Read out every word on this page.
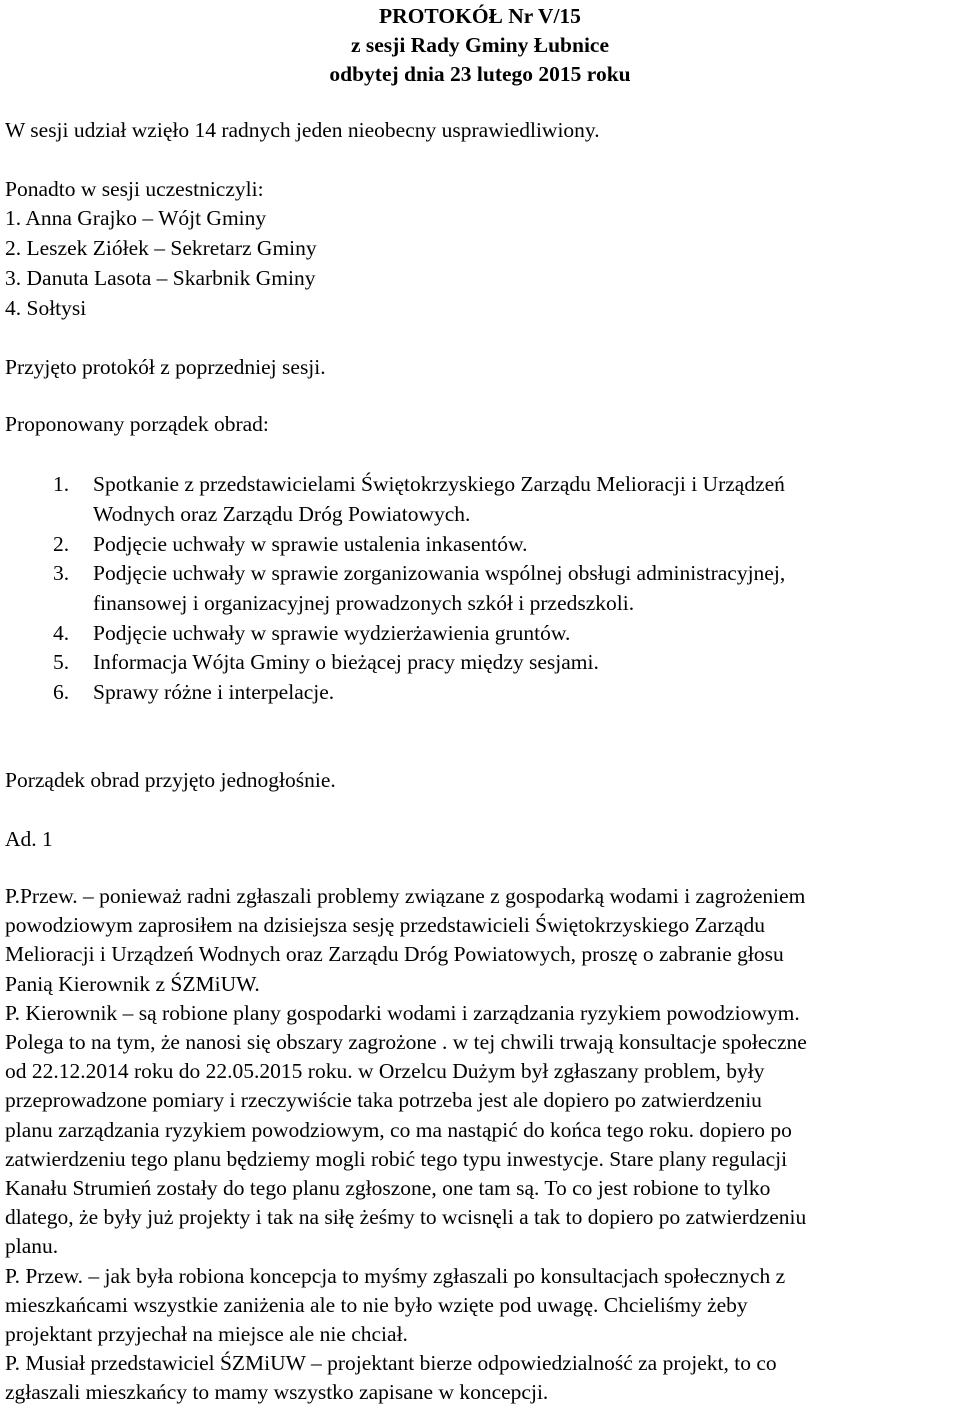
PROTOKÓŁ Nr V/15
z sesji Rady Gminy Łubnice
odbytej dnia 23 lutego 2015 roku
W sesji udział wzięło 14 radnych jeden nieobecny usprawiedliwiony.
Ponadto w sesji uczestniczyli:
1. Anna Grajko – Wójt Gminy
2. Leszek Ziółek – Sekretarz Gminy
3. Danuta Lasota – Skarbnik Gminy
4. Sołtysi
Przyjęto protokół z poprzedniej sesji.
Proponowany porządek obrad:
1. Spotkanie z przedstawicielami Świętokrzyskiego Zarządu Melioracji i Urządzeń
Wodnych oraz Zarządu Dróg Powiatowych.
2. Podjęcie uchwały w sprawie ustalenia inkasentów.
3. Podjęcie uchwały w sprawie zorganizowania wspólnej obsługi administracyjnej,
finansowej i organizacyjnej prowadzonych szkół i przedszkoli.
4. Podjęcie uchwały w sprawie wydzierżawienia gruntów.
5. Informacja Wójta Gminy o bieżącej pracy między sesjami.
6. Sprawy różne i interpelacje.
Porządek obrad przyjęto jednogłośnie.
Ad. 1
P.Przew. – ponieważ radni zgłaszali problemy związane z gospodarką wodami i zagrożeniem
powodziowym zaprosiłem na dzisiejsza sesję przedstawicieli Świętokrzyskiego Zarządu
Melioracji i Urządzeń Wodnych oraz Zarządu Dróg Powiatowych, proszę o zabranie głosu
Panią Kierownik z ŚZMiUW.
P. Kierownik – są robione plany gospodarki wodami i zarządzania ryzykiem powodziowym.
Polega to na tym, że nanosi się obszary zagrożone . w tej chwili trwają konsultacje społeczne
od 22.12.2014 roku do 22.05.2015 roku. w Orzelcu Dużym był zgłaszany problem, były
przeprowadzone pomiary i rzeczywiście taka potrzeba jest ale dopiero po zatwierdzeniu
planu zarządzania ryzykiem powodziowym, co ma nastąpić do końca tego roku. dopiero po
zatwierdzeniu tego planu będziemy mogli robić tego typu inwestycje. Stare plany regulacji
Kanału Strumień zostały do tego planu zgłoszone, one tam są. To co jest robione to tylko
dlatego, że były już projekty i tak na siłę żeśmy to wcisnęli a tak to dopiero po zatwierdzeniu
planu.
P. Przew. – jak była robiona koncepcja to myśmy zgłaszali po konsultacjach społecznych z
mieszkańcami wszystkie zaniżenia ale to nie było wzięte pod uwagę. Chcieliśmy żeby
projektant przyjechał na miejsce ale nie chciał.
P. Musiał przedstawiciel ŚZMiUW – projektant bierze odpowiedzialność za projekt, to co
zgłaszali mieszkańcy to mamy wszystko zapisane w koncepcji.
